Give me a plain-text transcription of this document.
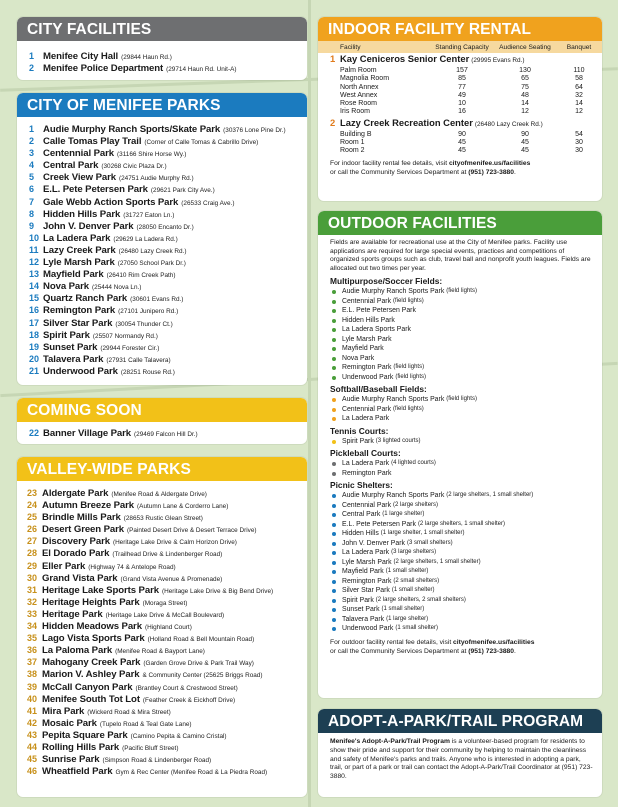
CITY FACILITIES
1 Menifee City Hall (29844 Haun Rd.)
2 Menifee Police Department (29714 Haun Rd. Unit-A)
CITY OF MENIFEE PARKS
1 Audie Murphy Ranch Sports/Skate Park (30376 Lone Pine Dr.)
2 Calle Tomas Play Trail (Corner of Calle Tomas & Cabrillo Drive)
3 Centennial Park (31166 Shire Horse Wy.)
4 Central Park (30268 Civic Plaza Dr.)
5 Creek View Park (24751 Audie Murphy Rd.)
6 E.L. Pete Petersen Park (29621 Park City Ave.)
7 Gale Webb Action Sports Park (26533 Craig Ave.)
8 Hidden Hills Park (31727 Eaton Ln.)
9 John V. Denver Park (28050 Encanto Dr.)
10 La Ladera Park (29629 La Ladera Rd.)
11 Lazy Creek Park (26480 Lazy Creek Rd.)
12 Lyle Marsh Park (27050 School Park Dr.)
13 Mayfield Park (26410 Rim Creek Path)
14 Nova Park (25444 Nova Ln.)
15 Quartz Ranch Park (30601 Evans Rd.)
16 Remington Park (27101 Junipero Rd.)
17 Silver Star Park (30054 Thunder Ct.)
18 Spirit Park (25507 Normandy Rd.)
19 Sunset Park (29944 Forester Cir.)
20 Talavera Park (27931 Calle Talavera)
21 Underwood Park (28251 Rouse Rd.)
COMING SOON
22 Banner Village Park (29469 Falcon Hill Dr.)
VALLEY-WIDE PARKS
23 Aldergate Park (Menifee Road & Aldergate Drive)
24 Autumn Breeze Park (Autumn Lane & Corderro Lane)
25 Brindle Mills Park (28653 Rustic Glean Street)
26 Desert Green Park (Painted Desert Drive & Desert Terrace Drive)
27 Discovery Park (Heritage Lake Drive & Calm Horizon Drive)
28 El Dorado Park (Trailhead Drive & Lindenberger Road)
29 Eller Park (Highway 74 & Antelope Road)
30 Grand Vista Park (Grand Vista Avenue & Promenade)
31 Heritage Lake Sports Park (Heritage Lake Drive & Big Bend Drive)
32 Heritage Heights Park (Moraga Street)
33 Heritage Park (Heritage Lake Drive & McCall Boulevard)
34 Hidden Meadows Park (Highland Court)
35 Lago Vista Sports Park (Holland Road & Bell Mountain Road)
36 La Paloma Park (Menifee Road & Bayport Lane)
37 Mahogany Creek Park (Garden Grove Drive & Park Trail Way)
38 Marion V. Ashley Park & Community Center (25625 Briggs Road)
39 McCall Canyon Park (Brantley Court & Crestwood Street)
40 Menifee South Tot Lot (Feather Creek & Eickhoff Drive)
41 Mira Park (Wickerd Road & Mira Street)
42 Mosaic Park (Tupelo Road & Teal Gate Lane)
43 Pepita Square Park (Camino Pepita & Camino Cristal)
44 Rolling Hills Park (Pacific Bluff Street)
45 Sunrise Park (Simpson Road & Lindenberger Road)
46 Wheatfield Park Gym & Rec Center (Menifee Road & La Piedra Road)
INDOOR FACILITY RENTAL
Facility	Standing Capacity	Audience Seating	Banquet
1 Kay Ceniceros Senior Center (29995 Evans Rd.)			
Palm Room	157	130	110
Magnolia Room	85	65	58
North Annex	77	75	64
West Annex	49	48	32
Rose Room	10	14	14
Iris Room	16	12	12
2 Lazy Creek Recreation Center (26480 Lazy Creek Rd.)			
Building B	90	90	54
Room 1	45	45	30
Room 2	45	45	30
For indoor facility rental fee details, visit cityofmenifee.us/facilities
or call the Community Services Department at (951) 723-3880.
OUTDOOR FACILITIES
Fields are available for recreational use at the City of Menifee parks. Facility use applications are required for large special events, practices and competitions of organized sports groups such as club, travel ball and nonprofit youth leagues. Fields are allocated out two times per year.
Multipurpose/Soccer Fields:
Audie Murphy Ranch Sports Park (field lights)
Centennial Park (field lights)
E.L. Pete Petersen Park
Hidden Hills Park
La Ladera Sports Park
Lyle Marsh Park
Mayfield Park
Nova Park
Remington Park (field lights)
Underwood Park (field lights)
Softball/Baseball Fields:
Audie Murphy Ranch Sports Park (field lights)
Centennial Park (field lights)
La Ladera Park
Tennis Courts:
Spirit Park (3 lighted courts)
Pickleball Courts:
La Ladera Park (4 lighted courts)
Remington Park
Picnic Shelters:
Audie Murphy Ranch Sports Park (2 large shelters, 1 small shelter)
Centennial Park (2 large shelters)
Central Park (1 large shelter)
E.L. Pete Petersen Park (2 large shelters, 1 small shelter)
Hidden Hills (1 large shelter, 1 small shelter)
John V. Denver Park (3 small shelters)
La Ladera Park (3 large shelters)
Lyle Marsh Park (2 large shelters, 1 small shelter)
Mayfield Park (1 small shelter)
Remington Park (2 small shelters)
Silver Star Park (1 small shelter)
Spirit Park (2 large shelters, 2 small shelters)
Sunset Park (1 small shelter)
Talavera Park (1 large shelter)
Underwood Park (1 small shelter)
For outdoor facility rental fee details, visit cityofmenifee.us/facilities
or call the Community Services Department at (951) 723-3880.
ADOPT-A-PARK/TRAIL PROGRAM
Menifee's Adopt-A-Park/Trail Program is a volunteer-based program for residents to show their pride and support for their community by helping to maintain the cleanliness and safety of Menifee's parks and trails. Anyone who is interested in adopting a park, trail, or part of a park or trail can contact the Adopt-A-Park/Trail Coordinator at (951) 723-3880.
